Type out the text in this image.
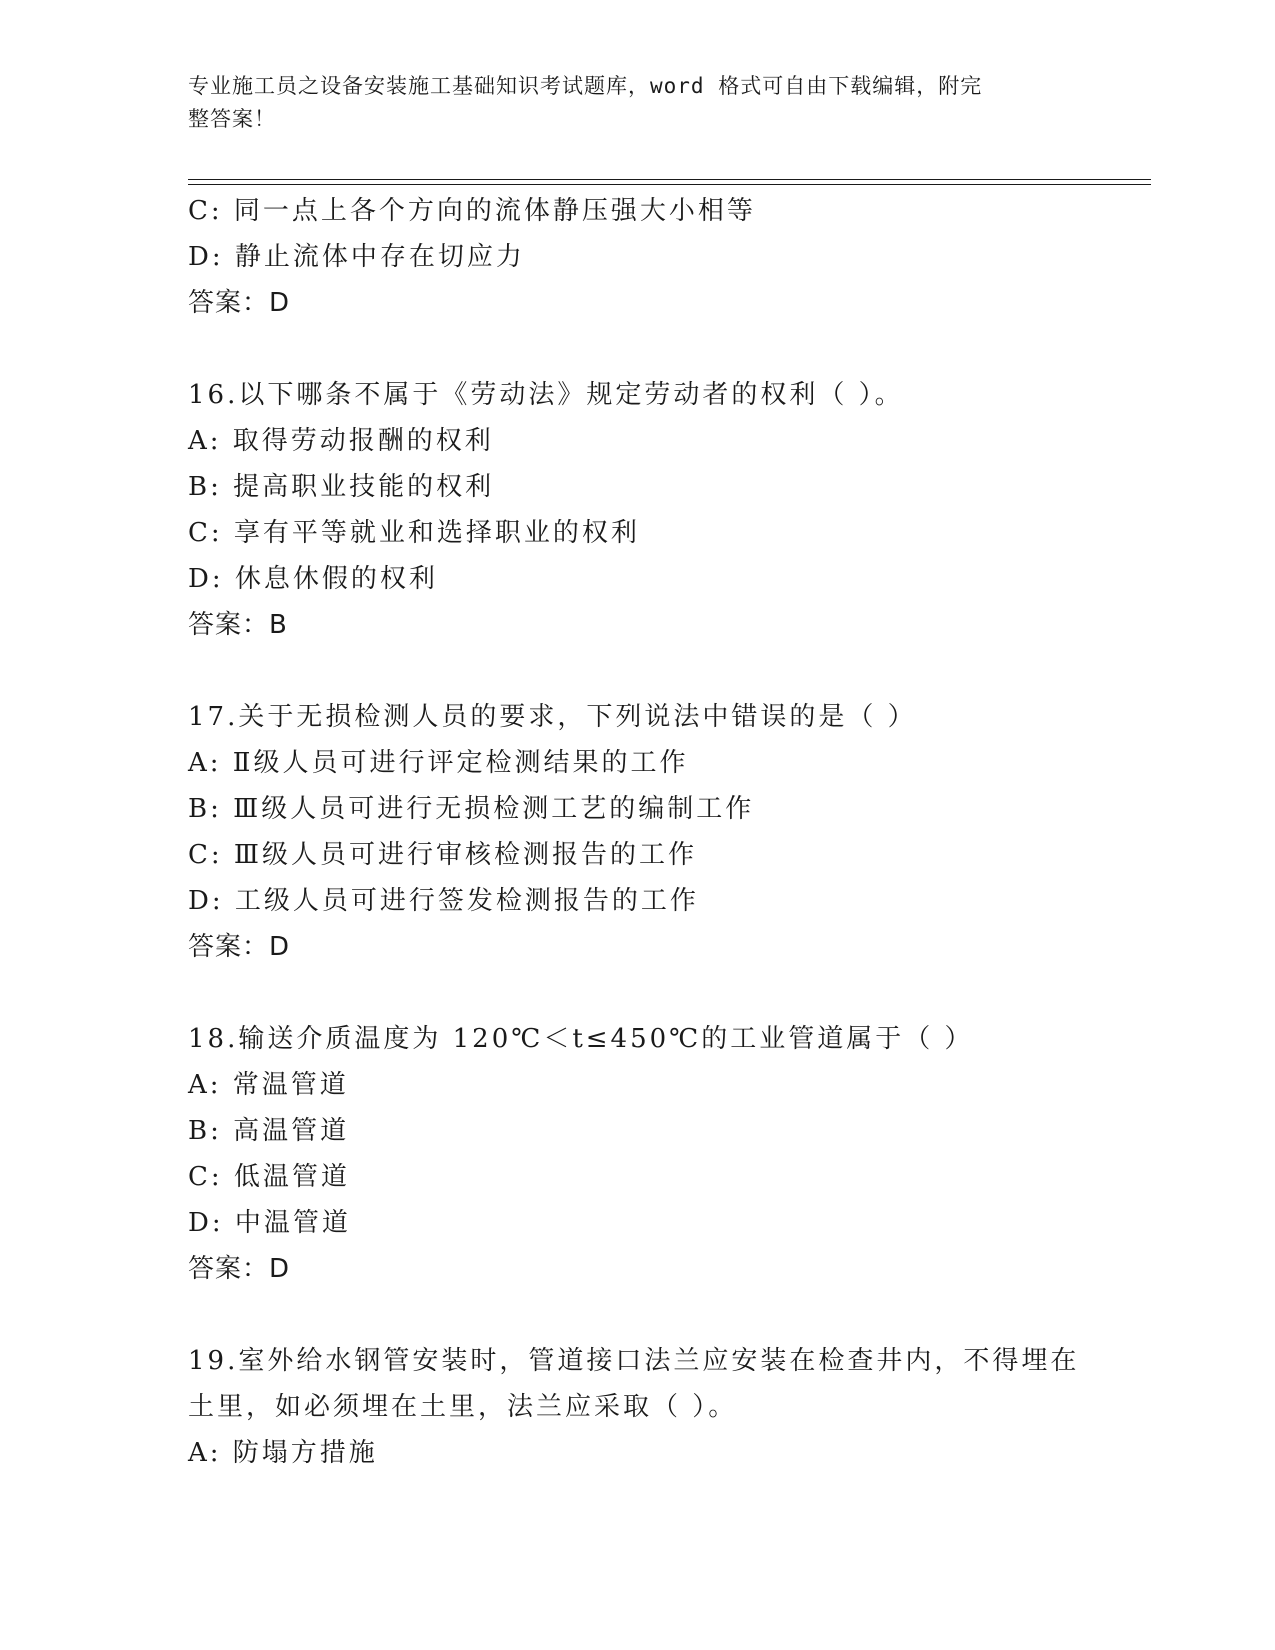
专业施工员之设备安装施工基础知识考试题库，word 格式可自由下载编辑，附完
整答案！
C: 同一点上各个方向的流体静压强大小相等
D: 静止流体中存在切应力
答案：D
16.以下哪条不属于《劳动法》规定劳动者的权利（ ）。
A: 取得劳动报酬的权利
B: 提高职业技能的权利
C: 享有平等就业和选择职业的权利
D: 休息休假的权利
答案：B
17.关于无损检测人员的要求，下列说法中错误的是（ ）
A: Ⅱ级人员可进行评定检测结果的工作
B: Ⅲ级人员可进行无损检测工艺的编制工作
C: Ⅲ级人员可进行审核检测报告的工作
D: 工级人员可进行签发检测报告的工作
答案：D
18.输送介质温度为 120℃＜t≤450℃的工业管道属于（ ）
A: 常温管道
B: 高温管道
C: 低温管道
D: 中温管道
答案：D
19.室外给水钢管安装时，管道接口法兰应安装在检查井内，不得埋在
土里，如必须埋在土里，法兰应采取（ ）。
A: 防塌方措施
